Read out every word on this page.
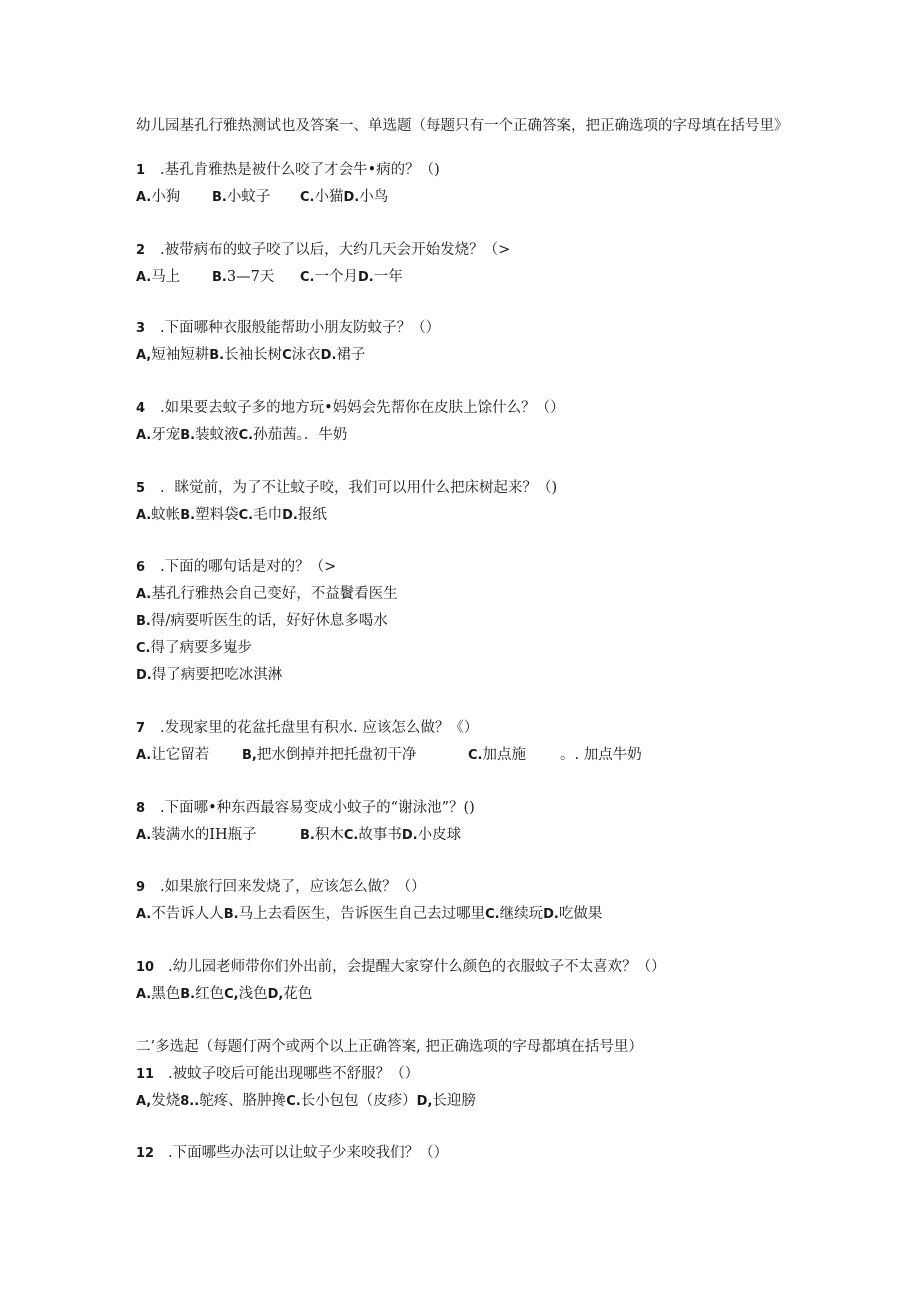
幼儿园基孔行雅热测试也及答案一、单选题（每题只有一个正确答案，把正确选项的字母填在括号里》
1 .基孔肯雅热是被什么咬了才会牛•病的？（)
A.小狗 B.小蚊子 C.小猫D.小鸟
2 .被带病布的蚊子咬了以后，大约几天会开始发烧？（>
A.马上 B.3—7天 C.一个月D.一年
3 .下面哪种衣服般能帮助小朋友防蚊子？（）
A,短袖短耕B.长袖长树C泳衣D.裙子
4 .如果要去蚊子多的地方玩•妈妈会先帮你在皮肤上馀什么？（）
A.牙宠B.装蚊液C.孙茄茜。．牛奶
5 ．眯觉前，为了不让蚊子咬，我们可以用什么把床树起来？（)
A.蚊帐B.塑料袋C.毛巾D.报纸
6 .下面的哪句话是对的？（>
A.基孔行雅热会自己变好，不益鬢看医生
B.得/病要听医生的话，好好休息多喝水
C.得了病要多嵬步
D.得了病要把吃冰淇淋
7 .发现家里的花盆托盘里有积水. 应该怎么做？《）
A.让它留若	B,把水倒掉并把托盘初干净	C.加点施 。. 加点牛奶
8 .下面哪•种东西最容易变成小蚊子的“谢泳池”？()
A.装满水的IH瓶子	B.积木C.故事书D.小皮球
9 .如果旅行回来发烧了，应该怎么做？（）
A.不告诉人人B.马上去看医生，告诉医生自己去过哪里C.继续玩D.吃做果
10 .幼儿园老师带你们外出前，会提醒大家穿什么颜色的衣服蚊子不太喜欢？（）
A.黑色B.红色C,浅色D,花色
二’多选起（每题仃两个或两个以上正确答案, 把正确选项的字母都填在括号里）
11 .被蚊子咬后可能出现哪些不舒服？（）
A,发烧8..鸵疼、胳肿搀C.长小包包（皮疹）D,长迎膀
12 .下面哪些办法可以让蚊子少来咬我们？（）
